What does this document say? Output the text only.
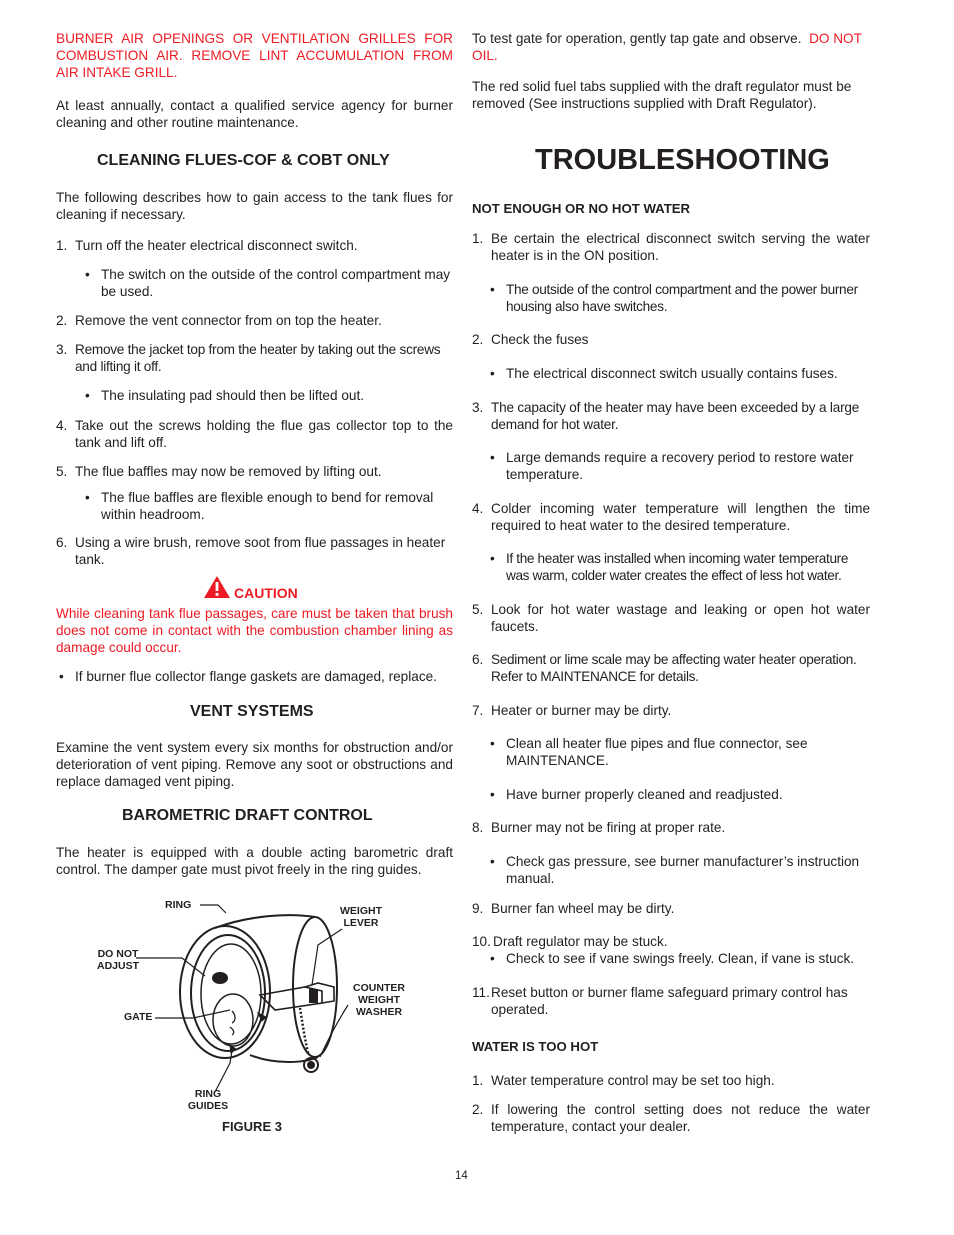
BURNER AIR OPENINGS OR VENTILATION GRILLES FOR COMBUSTION AIR. REMOVE LINT ACCUMULATION FROM AIR INTAKE GRILL.
At least annually, contact a qualified service agency for burner cleaning and other routine maintenance.
CLEANING FLUES-COF & COBT ONLY
The following describes how to gain access to the tank flues for cleaning if necessary.
1. Turn off the heater electrical disconnect switch.
• The switch on the outside of the control compartment may be used.
2. Remove the vent connector from on top the heater.
3. Remove the jacket top from the heater by taking out the screws and lifting it off.
• The insulating pad should then be lifted out.
4. Take out the screws holding the flue gas collector top to the tank and lift off.
5. The flue baffles may now be removed by lifting out.
• The flue baffles are flexible enough to bend for removal within headroom.
6. Using a wire brush, remove soot from flue passages in heater tank.
CAUTION
While cleaning tank flue passages, care must be taken that brush does not come in contact with the combustion chamber lining as damage could occur.
• If burner flue collector flange gaskets are damaged, replace.
VENT SYSTEMS
Examine the vent system every six months for obstruction and/or deterioration of vent piping. Remove any soot or obstructions and replace damaged vent piping.
BAROMETRIC DRAFT CONTROL
The heater is equipped with a double acting barometric draft control. The damper gate must pivot freely in the ring guides.
RING	WEIGHT
LEVER
DO NOT
ADJUST
COUNTER
WEIGHT
WASHER
GATE
RING
GUIDES
FIGURE 3
To test gate for operation, gently tap gate and observe. DO NOT OIL.
The red solid fuel tabs supplied with the draft regulator must be removed (See instructions supplied with Draft Regulator).
TROUBLESHOOTING
NOT ENOUGH OR NO HOT WATER
1. Be certain the electrical disconnect switch serving the water heater is in the ON position.
• The outside of the control compartment and the power burner housing also have switches.
2. Check the fuses
• The electrical disconnect switch usually contains fuses.
3. The capacity of the heater may have been exceeded by a large demand for hot water.
• Large demands require a recovery period to restore water temperature.
4. Colder incoming water temperature will lengthen the time required to heat water to the desired temperature.
• If the heater was installed when incoming water temperature was warm, colder water creates the effect of less hot water.
5. Look for hot water wastage and leaking or open hot water faucets.
6. Sediment or lime scale may be affecting water heater operation. Refer to MAINTENANCE for details.
7. Heater or burner may be dirty.
• Clean all heater flue pipes and flue connector, see MAINTENANCE.
• Have burner properly cleaned and readjusted.
8. Burner may not be firing at proper rate.
• Check gas pressure, see burner manufacturer’s instruction manual.
9. Burner fan wheel may be dirty.
10. Draft regulator may be stuck.
• Check to see if vane swings freely. Clean, if vane is stuck.
11. Reset button or burner flame safeguard primary control has operated.
WATER IS TOO HOT
1. Water temperature control may be set too high.
2. If lowering the control setting does not reduce the water temperature, contact your dealer.
14
